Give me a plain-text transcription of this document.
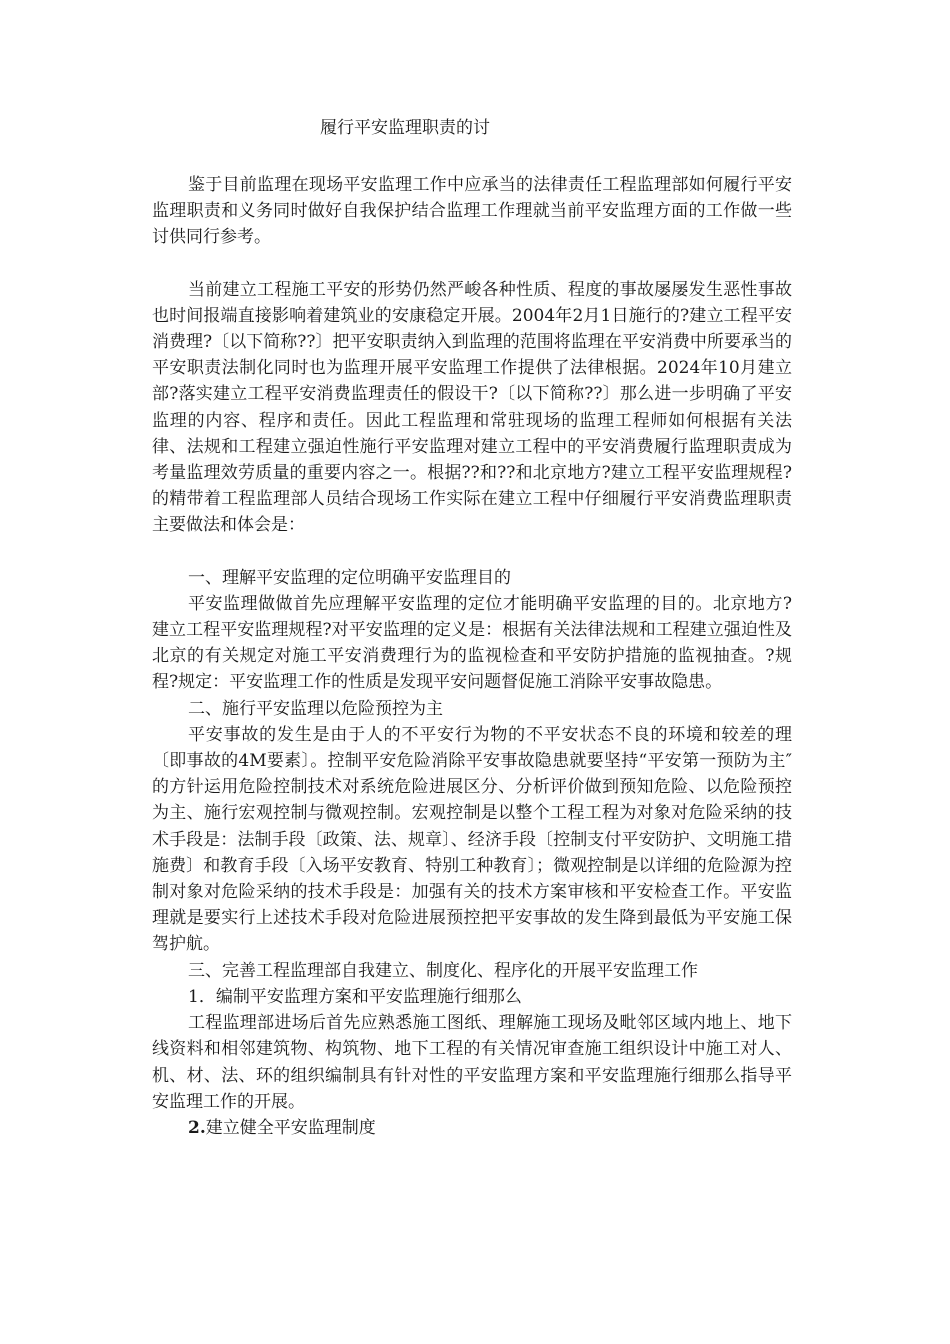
履行平安监理职责的讨

鉴于目前监理在现场平安监理工作中应承当的法律责任工程监理部如何履行平安监理职责和义务同时做好自我保护结合监理工作理就当前平安监理方面的工作做一些讨供同行参考。

当前建立工程施工平安的形势仍然严峻各种性质、程度的事故屡屡发生恶性事故也时间报端直接影响着建筑业的安康稳定开展。2004年2月1日施行的?建立工程平安消费理?〔以下简称??〕把平安职责纳入到监理的范围将监理在平安消费中所要承当的平安职责法制化同时也为监理开展平安监理工作提供了法律根据。2024年10月建立部?落实建立工程平安消费监理责任的假设干?〔以下简称??〕那么进一步明确了平安监理的内容、程序和责任。因此工程监理和常驻现场的监理工程师如何根据有关法律、法规和工程建立强迫性施行平安监理对建立工程中的平安消费履行监理职责成为考量监理效劳质量的重要内容之一。根据??和??和北京地方?建立工程平安监理规程?的精带着工程监理部人员结合现场工作实际在建立工程中仔细履行平安消费监理职责主要做法和体会是：

一、理解平安监理的定位明确平安监理目的

平安监理做做首先应理解平安监理的定位才能明确平安监理的目的。北京地方?建立工程平安监理规程?对平安监理的定义是：根据有关法律法规和工程建立强迫性及北京的有关规定对施工平安消费理行为的监视检查和平安防护措施的监视抽查。?规程?规定：平安监理工作的性质是发现平安问题督促施工消除平安事故隐患。

二、施行平安监理以危险预控为主

平安事故的发生是由于人的不平安行为物的不平安状态不良的环境和较差的理〔即事故的4M要素〕。控制平安危险消除平安事故隐患就要坚持“平安第一预防为主″的方针运用危险控制技术对系统危险进展区分、分析评价做到预知危险、以危险预控为主、施行宏观控制与微观控制。宏观控制是以整个工程工程为对象对危险采纳的技术手段是：法制手段〔政策、法、规章〕、经济手段〔控制支付平安防护、文明施工措施费〕和教育手段〔入场平安教育、特别工种教育〕；微观控制是以详细的危险源为控制对象对危险采纳的技术手段是：加强有关的技术方案审核和平安检查工作。平安监理就是要实行上述技术手段对危险进展预控把平安事故的发生降到最低为平安施工保驾护航。

三、完善工程监理部自我建立、制度化、程序化的开展平安监理工作

1．编制平安监理方案和平安监理施行细那么

工程监理部进场后首先应熟悉施工图纸、理解施工现场及毗邻区域内地上、地下线资料和相邻建筑物、构筑物、地下工程的有关情况审查施工组织设计中施工对人、机、材、法、环的组织编制具有针对性的平安监理方案和平安监理施行细那么指导平安监理工作的开展。

2.建立健全平安监理制度
